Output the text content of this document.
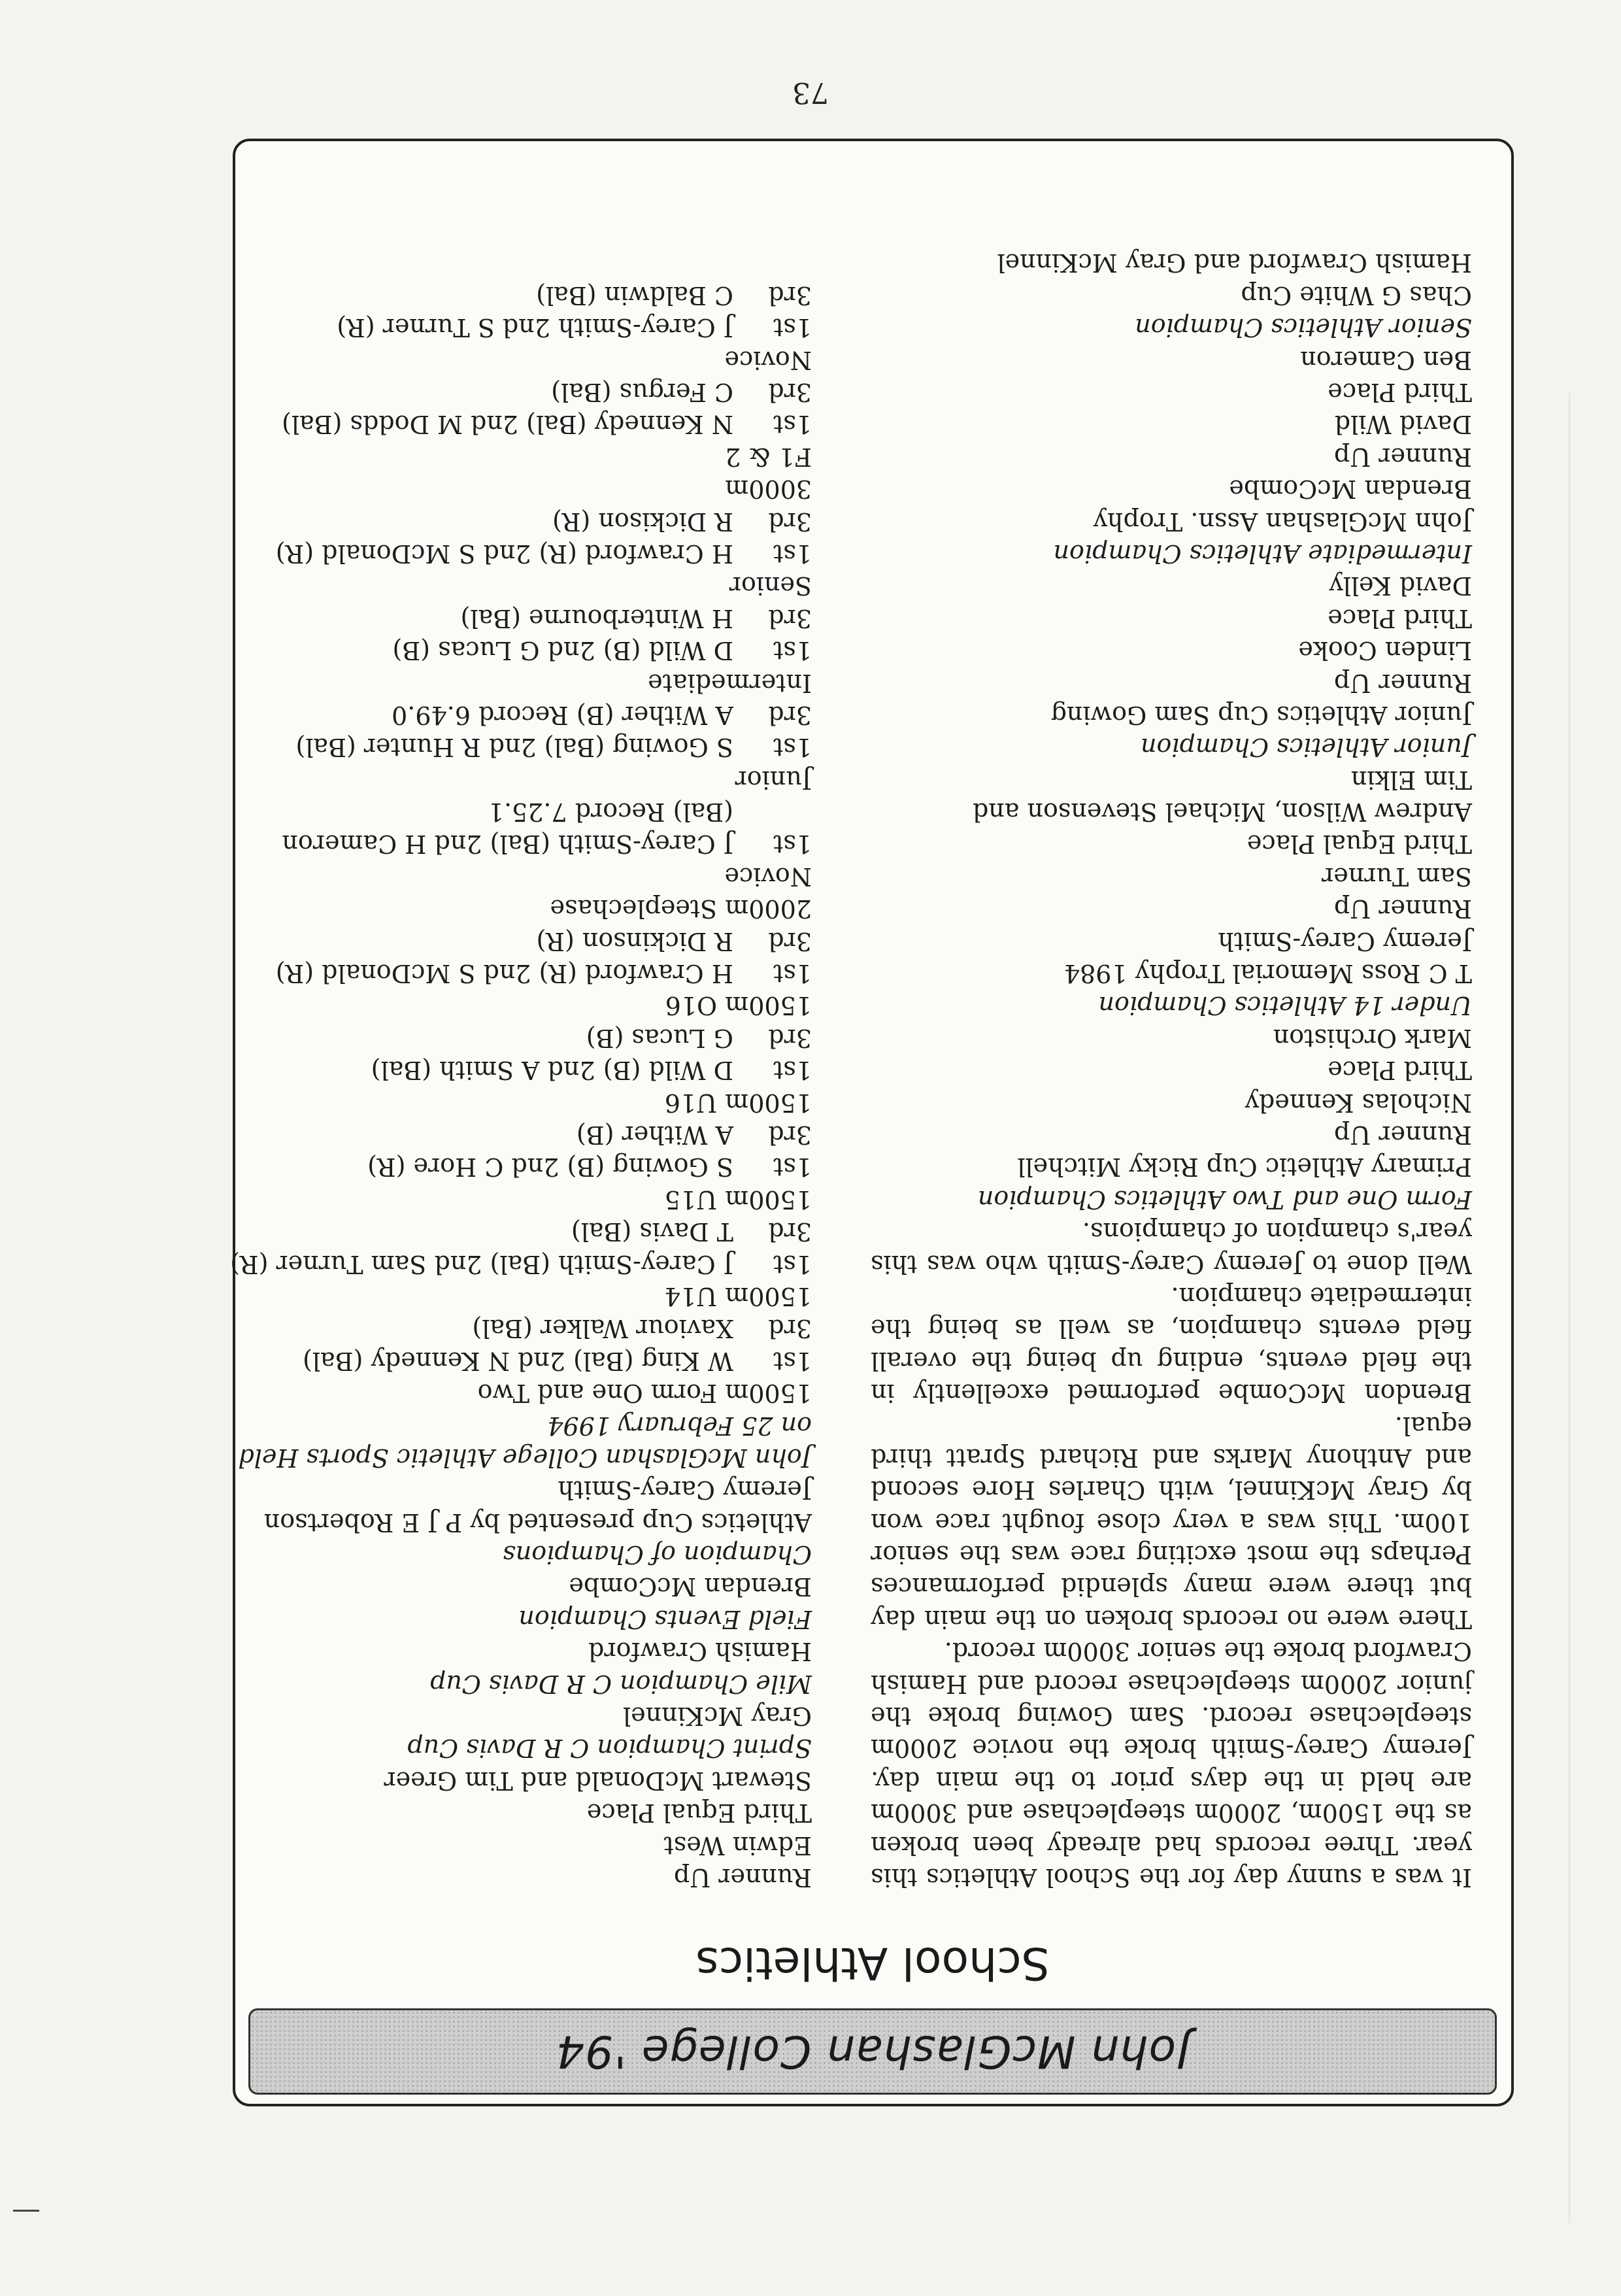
John McGlashan College '94
School Athletics
It
was
a
sunny
day
for
the
School
Athletics
this
year.
Three
records
had
already
been
broken
as
the
1500m,
2000m
steeplechase
and
3000m
are
held
in
the
days
prior
to
the
main
day.
Jeremy
Carey-Smith
broke
the
novice
2000m
steeplechase
record.
Sam
Gowing
broke
the
junior
2000m
steeplechase
record
and
Hamish
Crawford broke the senior 3000m record.
There
were
no
records
broken
on
the
main
day
but
there
were
many
splendid
performances
Perhaps
the
most
exciting
race
was
the
senior
100m.
This
was
a
very
close
fought
race
won
by
Gray
McKinnel,
with
Charles
Hore
second
and
Anthony
Marks
and
Richard
Spratt
third
equal.
Brendon
McCombe
performed
excellently
in
the
field
events,
ending
up
being
the
overall
field
events
champion,
as
well
as
being
the
intermediate champion.
Well
done
to
Jeremy
Carey-Smith
who
was
this
year's champion of champions.
Form One and Two Athletics Champion
Primary Athletic Cup Ricky Mitchell
Runner Up
Nicholas Kennedy
Third Place
Mark Orchiston
Under 14 Athletics Champion
T C Ross Memorial Trophy 1984
Jeremy Carey-Smith
Runner Up
Sam Turner
Third Equal Place
Andrew Wilson, Michael Stevenson and
Tim Elkin
Junior Athletics Champion
Junior Athletics Cup Sam Gowing
Runner Up
Linden Cooke
Third Place
David Kelly
Intermediate Athletics Champion
John McGlashan Assn. Trophy
Brendan McCombe
Runner Up
David Wild
Third Place
Ben Cameron
Senior Athletics Champion
Chas G White Cup
Hamish Crawford and Gray McKinnel
Runner Up
Edwin West
Third Equal Place
Stewart McDonald and Tim Greer
Sprint Champion C R Davis Cup
Gray McKinnel
Mile Champion C R Davis Cup
Hamish Crawford
Field Events Champion
Brendan McCombe
Champion of Champions
Athletics Cup presented by P J E Robertson
Jeremy Carey-Smith
John McGlashan College Athletic Sports Held
on 25 February 1994
1500m Form One and Two
1st
W King (Bal) 2nd N Kennedy (Bal)
3rd
Xaviour Walker (Bal)
1500m U14
1st
J Carey-Smith (Bal) 2nd Sam Turner (R)
3rd
T Davis (Bal)
1500m U15
1st
S Gowing (B) 2nd C Hore (R)
3rd
A Wither (B)
1500m U16
1st
D Wild (B) 2nd A Smith (Bal)
3rd
G Lucas (B)
1500m O16
1st
H Crawford (R) 2nd S McDonald (R)
3rd
R Dickinson (R)
2000m Steeplechase
Novice
1st
J Carey-Smith (Bal) 2nd H Cameron
(Bal) Record 7.25.1
Junior
1st
S Gowing (Bal) 2nd R Hunter (Bal)
3rd
A Wither (B) Record 6.49.0
Intermediate
1st
D Wild (B) 2nd G Lucas (B)
3rd
H Winterbourne (Bal)
Senior
1st
H Crawford (R) 2nd S McDonald (R)
3rd
R Dickison (R)
3000m
F1 & 2
1st
N Kennedy (Bal) 2nd M Dodds (Bal)
3rd
C Fergus (Bal)
Novice
1st
J Carey-Smith 2nd S Turner (R)
3rd
C Baldwin (Bal)
73
